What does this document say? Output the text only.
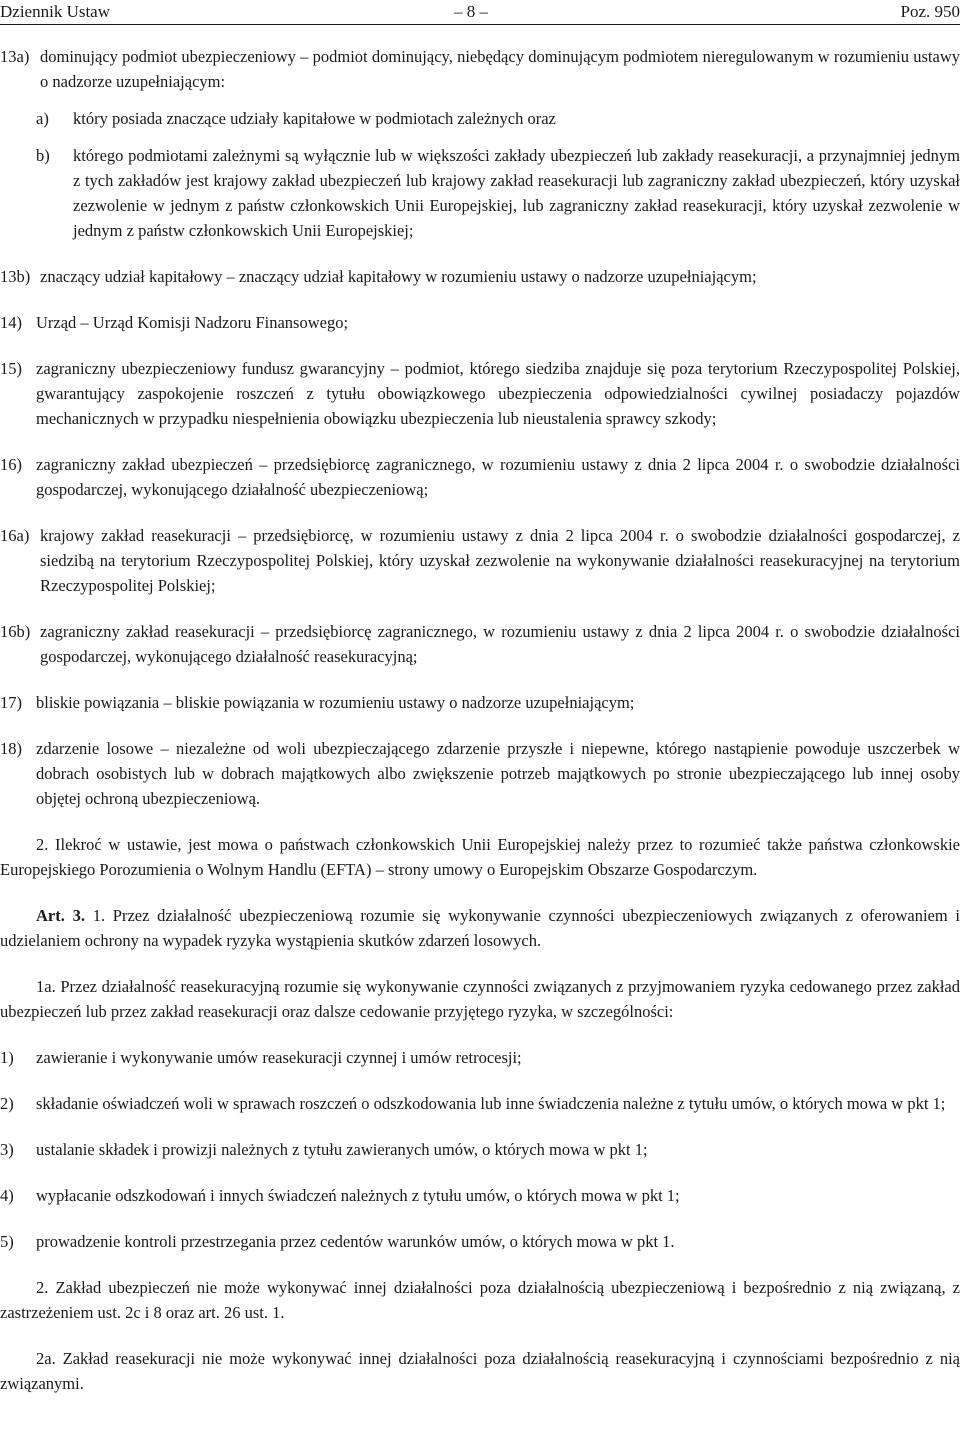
Dziennik Ustaw	– 8 –	Poz. 950
13a) dominujący podmiot ubezpieczeniowy – podmiot dominujący, niebędący dominującym podmiotem nieregulowanym w rozumieniu ustawy o nadzorze uzupełniającym:
a) który posiada znaczące udziały kapitałowe w podmiotach zależnych oraz
b) którego podmiotami zależnymi są wyłącznie lub w większości zakłady ubezpieczeń lub zakłady reasekuracji, a przynajmniej jednym z tych zakładów jest krajowy zakład ubezpieczeń lub krajowy zakład reasekuracji lub zagraniczny zakład ubezpieczeń, który uzyskał zezwolenie w jednym z państw członkowskich Unii Europejskiej, lub zagraniczny zakład reasekuracji, który uzyskał zezwolenie w jednym z państw członkowskich Unii Europejskiej;
13b) znaczący udział kapitałowy – znaczący udział kapitałowy w rozumieniu ustawy o nadzorze uzupełniającym;
14) Urząd – Urząd Komisji Nadzoru Finansowego;
15) zagraniczny ubezpieczeniowy fundusz gwarancyjny – podmiot, którego siedziba znajduje się poza terytorium Rzeczypospolitej Polskiej, gwarantujący zaspokojenie roszczeń z tytułu obowiązkowego ubezpieczenia odpowiedzialności cywilnej posiadaczy pojazdów mechanicznych w przypadku niespełnienia obowiązku ubezpieczenia lub nieustalenia sprawcy szkody;
16) zagraniczny zakład ubezpieczeń – przedsiębiorcę zagranicznego, w rozumieniu ustawy z dnia 2 lipca 2004 r. o swobodzie działalności gospodarczej, wykonującego działalność ubezpieczeniową;
16a) krajowy zakład reasekuracji – przedsiębiorcę, w rozumieniu ustawy z dnia 2 lipca 2004 r. o swobodzie działalności gospodarczej, z siedzibą na terytorium Rzeczypospolitej Polskiej, który uzyskał zezwolenie na wykonywanie działalności reasekuracyjnej na terytorium Rzeczypospolitej Polskiej;
16b) zagraniczny zakład reasekuracji – przedsiębiorcę zagranicznego, w rozumieniu ustawy z dnia 2 lipca 2004 r. o swobodzie działalności gospodarczej, wykonującego działalność reasekuracyjną;
17) bliskie powiązania – bliskie powiązania w rozumieniu ustawy o nadzorze uzupełniającym;
18) zdarzenie losowe – niezależne od woli ubezpieczającego zdarzenie przyszłe i niepewne, którego nastąpienie powoduje uszczerbek w dobrach osobistych lub w dobrach majątkowych albo zwiększenie potrzeb majątkowych po stronie ubezpieczającego lub innej osoby objętej ochroną ubezpieczeniową.

2. Ilekroć w ustawie, jest mowa o państwach członkowskich Unii Europejskiej należy przez to rozumieć także państwa członkowskie Europejskiego Porozumienia o Wolnym Handlu (EFTA) – strony umowy o Europejskim Obszarze Gospodarczym.

Art. 3. 1. Przez działalność ubezpieczeniową rozumie się wykonywanie czynności ubezpieczeniowych związanych z oferowaniem i udzielaniem ochrony na wypadek ryzyka wystąpienia skutków zdarzeń losowych.

1a. Przez działalność reasekuracyjną rozumie się wykonywanie czynności związanych z przyjmowaniem ryzyka cedowanego przez zakład ubezpieczeń lub przez zakład reasekuracji oraz dalsze cedowanie przyjętego ryzyka, w szczególności:

1) zawieranie i wykonywanie umów reasekuracji czynnej i umów retrocesji;
2) składanie oświadczeń woli w sprawach roszczeń o odszkodowania lub inne świadczenia należne z tytułu umów, o których mowa w pkt 1;
3) ustalanie składek i prowizji należnych z tytułu zawieranych umów, o których mowa w pkt 1;
4) wypłacanie odszkodowań i innych świadczeń należnych z tytułu umów, o których mowa w pkt 1;
5) prowadzenie kontroli przestrzegania przez cedentów warunków umów, o których mowa w pkt 1.

2. Zakład ubezpieczeń nie może wykonywać innej działalności poza działalnością ubezpieczeniową i bezpośrednio z nią związaną, z zastrzeżeniem ust. 2c i 8 oraz art. 26 ust. 1.

2a. Zakład reasekuracji nie może wykonywać innej działalności poza działalnością reasekuracyjną i czynnościami bezpośrednio z nią związanymi.
